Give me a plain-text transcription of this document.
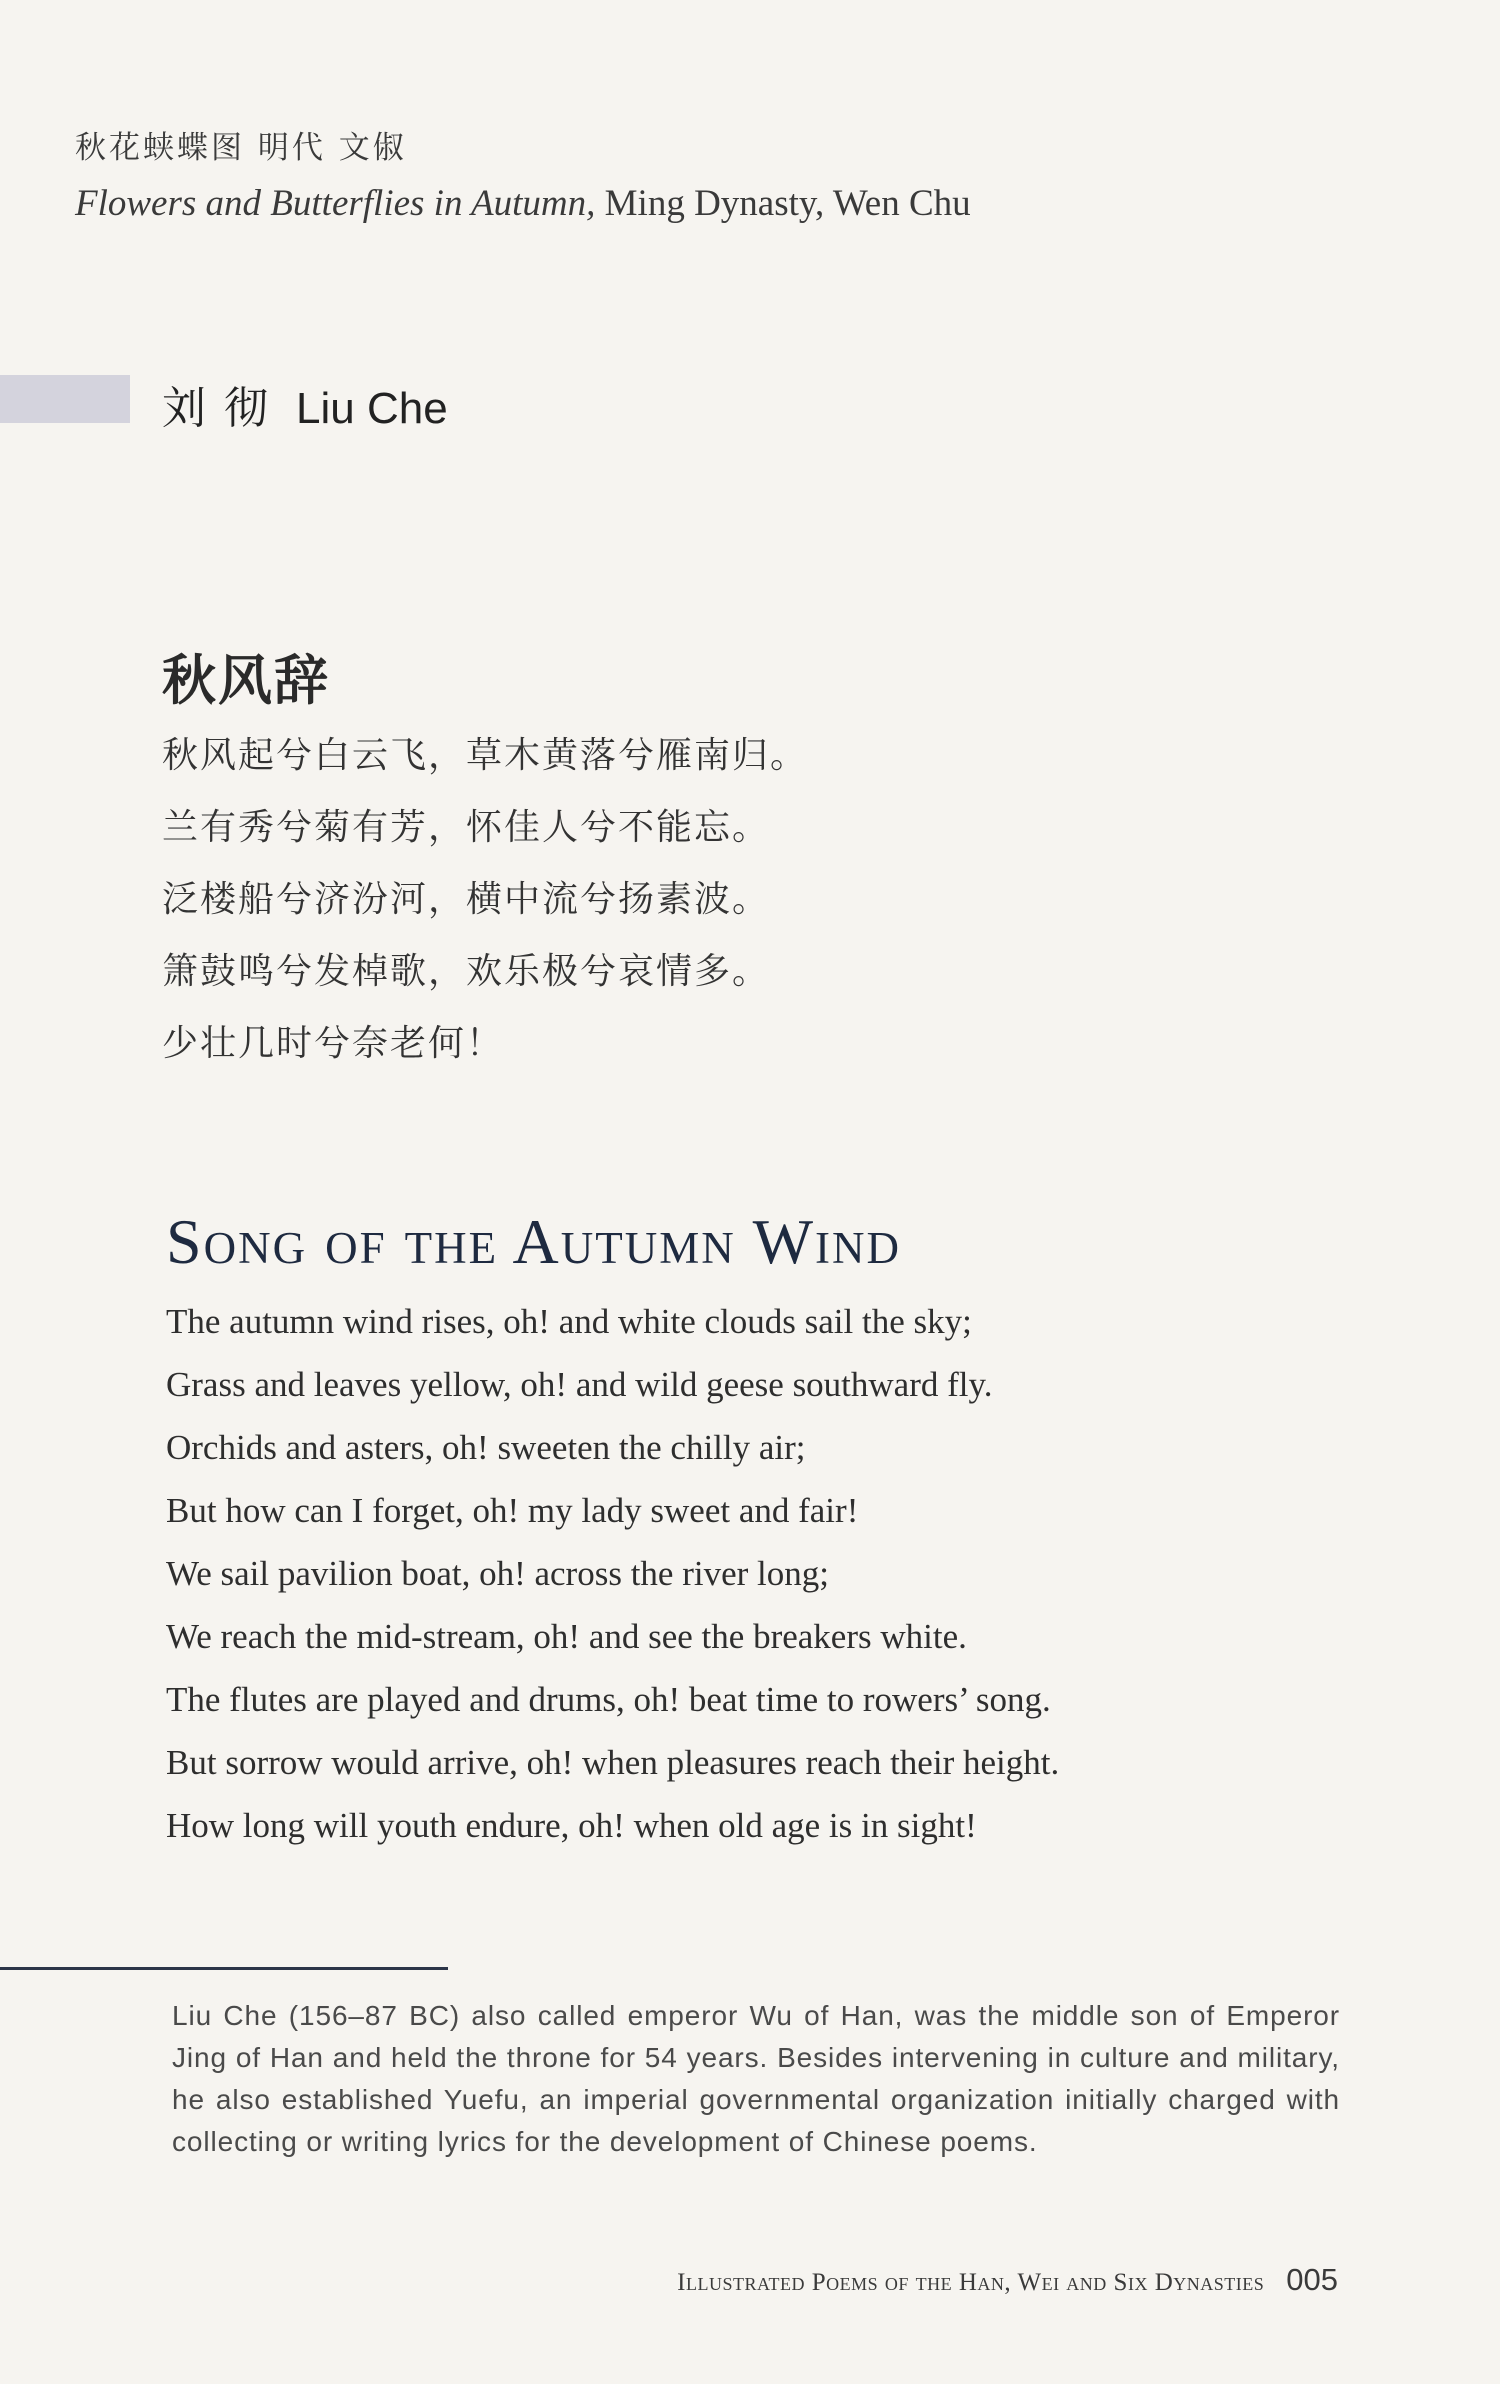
秋花蛱蝶图 明代 文俶
Flowers and Butterflies in Autumn, Ming Dynasty, Wen Chu
刘彻 Liu Che
秋风辞
秋风起兮白云飞，草木黄落兮雁南归。
兰有秀兮菊有芳，怀佳人兮不能忘。
泛楼船兮济汾河，横中流兮扬素波。
箫鼓鸣兮发棹歌，欢乐极兮哀情多。
少壮几时兮奈老何！
Song of the Autumn Wind
The autumn wind rises, oh! and white clouds sail the sky;
Grass and leaves yellow, oh! and wild geese southward fly.
Orchids and asters, oh! sweeten the chilly air;
But how can I forget, oh! my lady sweet and fair!
We sail pavilion boat, oh! across the river long;
We reach the mid-stream, oh! and see the breakers white.
The flutes are played and drums, oh! beat time to rowers’ song.
But sorrow would arrive, oh! when pleasures reach their height.
How long will youth endure, oh! when old age is in sight!

Liu Che (156–87 BC) also called emperor Wu of Han, was the middle son of Emperor Jing of Han and held the throne for 54 years. Besides intervening in culture and military, he also established Yuefu, an imperial governmental organization initially charged with collecting or writing lyrics for the development of Chinese poems.

Illustrated Poems of the Han, Wei and Six Dynasties 005
